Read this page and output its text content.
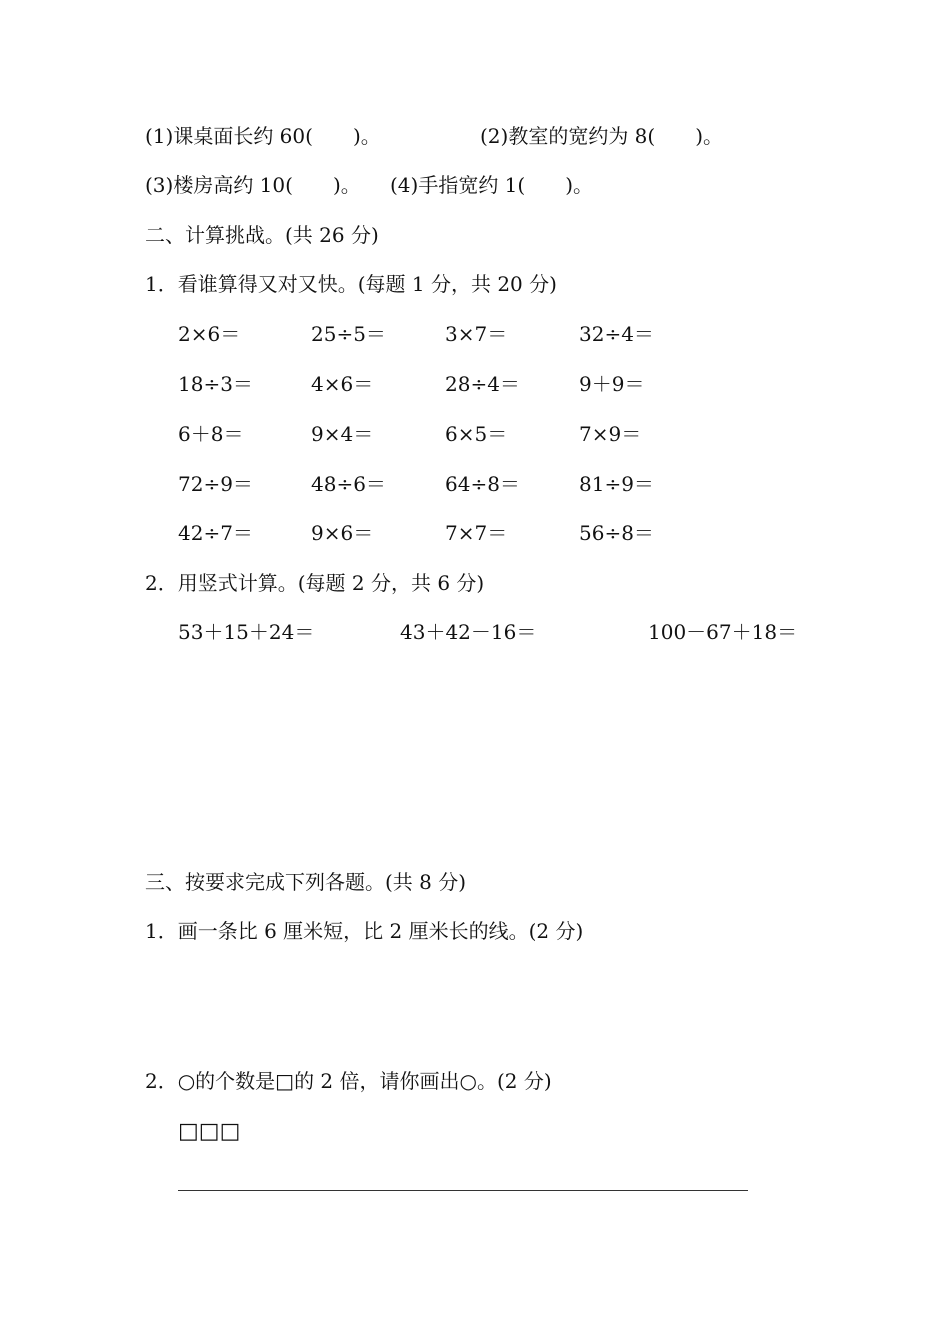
(1)课桌面长约 60(　　)。	(2)教室的宽约为 8(　　)。
(3)楼房高约 10(　　)。 (4)手指宽约 1(　　)。
二、计算挑战。(共 26 分)
1．看谁算得又对又快。(每题 1 分，共 20 分)
2×6＝	25÷5＝	3×7＝	32÷4＝
18÷3＝	4×6＝	28÷4＝	9＋9＝
6＋8＝	9×4＝	6×5＝	7×9＝
72÷9＝	48÷6＝	64÷8＝	81÷9＝
42÷7＝	9×6＝	7×7＝	56÷8＝
2．用竖式计算。(每题 2 分，共 6 分)
53＋15＋24＝	43＋42－16＝	100－67＋18＝
三、按要求完成下列各题。(共 8 分)
1．画一条比 6 厘米短，比 2 厘米长的线。(2 分)
2．○的个数是□的 2 倍，请你画出○。(2 分)
□□□
